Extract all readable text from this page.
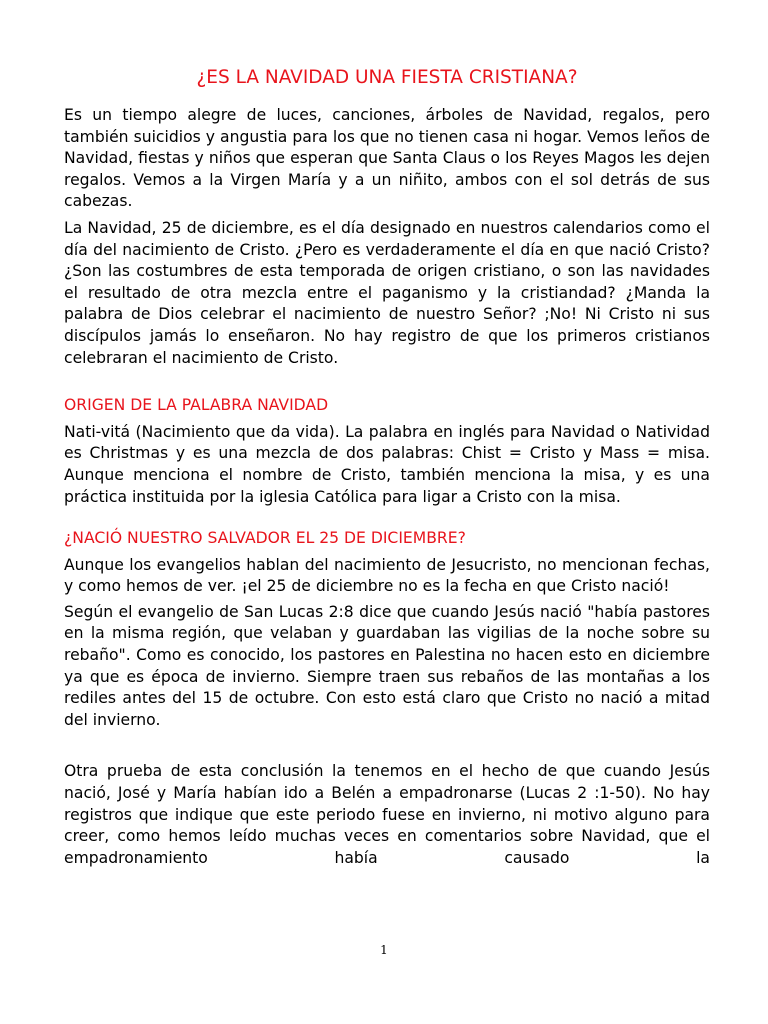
¿ES LA NAVIDAD UNA FIESTA CRISTIANA?

Es un tiempo alegre de luces, canciones, árboles de Navidad, regalos, pero también suicidios y angustia para los que no tienen casa ni hogar. Vemos leños de Navidad, fiestas y niños que esperan que Santa Claus o los Reyes Magos les dejen regalos. Vemos a la Virgen María y a un niñito, ambos con el sol detrás de sus cabezas.

La Navidad, 25 de diciembre, es el día designado en nuestros calendarios como el día del nacimiento de Cristo. ¿Pero es verdaderamente el día en que nació Cristo? ¿Son las costumbres de esta temporada de origen cristiano, o son las navidades el resultado de otra mezcla entre el paganismo y la cristiandad? ¿Manda la palabra de Dios celebrar el nacimiento de nuestro Señor? ;No! Ni Cristo ni sus discípulos jamás lo enseñaron. No hay registro de que los primeros cristianos celebraran el nacimiento de Cristo.

ORIGEN DE LA PALABRA NAVIDAD

Nati-vitá (Nacimiento que da vida). La palabra en inglés para Navidad o Natividad es Christmas y es una mezcla de dos palabras: Chist = Cristo y Mass = misa. Aunque menciona el nombre de Cristo, también menciona la misa, y es una práctica instituida por la iglesia Católica para ligar a Cristo con la misa.

¿NACIÓ NUESTRO SALVADOR EL 25 DE DICIEMBRE?

Aunque los evangelios hablan del nacimiento de Jesucristo, no mencionan fechas, y como hemos de ver. ¡el 25 de diciembre no es la fecha en que Cristo nació!

Según el evangelio de San Lucas 2:8 dice que cuando Jesús nació "había pastores en la misma región, que velaban y guardaban las vigilias de la noche sobre su rebaño". Como es conocido, los pastores en Palestina no hacen esto en diciembre ya que es época de invierno. Siempre traen sus rebaños de las montañas a los rediles antes del 15 de octubre. Con esto está claro que Cristo no nació a mitad del invierno.

Otra prueba de esta conclusión la tenemos en el hecho de que cuando Jesús nació, José y María habían ido a Belén a empadronarse (Lucas 2 :1-50). No hay registros que indique que este periodo fuese en invierno, ni motivo alguno para creer, como hemos leído muchas veces en comentarios sobre Navidad, que el empadronamiento había causado la

1
